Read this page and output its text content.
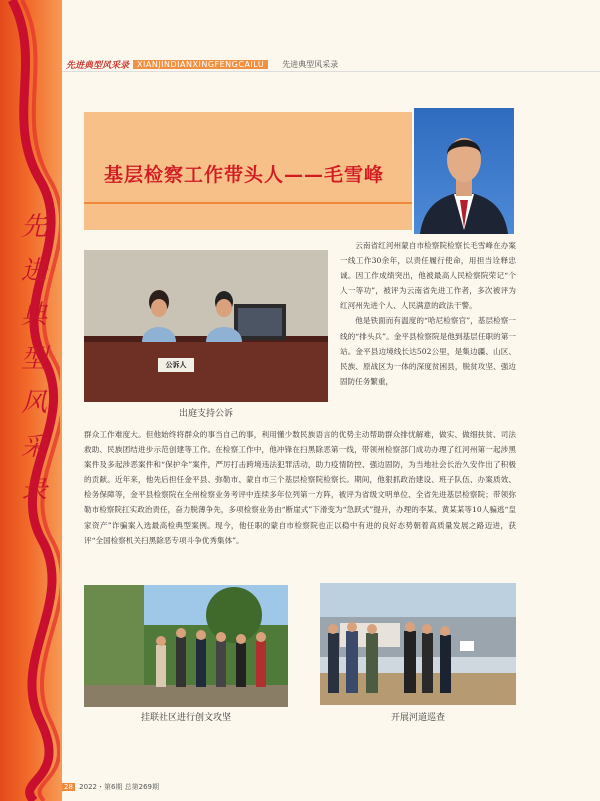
先
进
典
型
风
采
录
先进典型风采录	XIANJINDIANXINGFENGCAILU	先进典型风采录
基层检察工作带头人——毛雪峰
公诉人
出庭支持公诉

云南省红河州蒙自市检察院检察长毛雪峰在办案一线工作30余年，以责任履行使命，用担当诠释忠诚。因工作成绩突出，他被最高人民检察院荣记“个人一等功”，被评为云南省先进工作者，多次被评为红河州先进个人、人民满意的政法干警。
他是铁面而有温度的“哈尼检察官”，基层检察一线的“排头兵”。金平县检察院是他到基层任职的第一站。金平县边境线长达502公里，是集边疆、山区、民族、原战区为一体的深度贫困县，脱贫攻坚、强边固防任务繁重，

群众工作难度大。但他始终将群众的事当自己的事，利用懂少数民族语言的优势主动帮助群众排忧解难，做实、做细扶贫、司法救助、民族团结进步示范创建等工作。在检察工作中，他冲锋在扫黑除恶第一线，带领州检察部门成功办理了红河州第一起涉黑案件及多起涉恶案件和“保护伞”案件，严厉打击跨境违法犯罪活动，助力疫情防控、强边固防，为当地社会长治久安作出了积极的贡献。近年来，他先后担任金平县、弥勒市、蒙自市三个基层检察院检察长。期间，他狠抓政治建设、班子队伍、办案质效、检务保障等，金平县检察院在全州检察业务考评中连续多年位列第一方阵，被评为省级文明单位、全省先进基层检察院；带领弥勒市检察院扛实政治责任，奋力脱薄争先，多项检察业务由“断崖式”下滑变为“急跃式”提升，办理的李某、黄某某等10人骗逃“皇家资产”诈骗案入选最高检典型案例。现今，他任职的蒙自市检察院也正以稳中有进的良好态势朝着高质量发展之路迈进，获评“全国检察机关扫黑除恶专项斗争优秀集体”。

挂联社区进行创文攻坚	开展河道巡查
28 2022・第6期 总第269期
